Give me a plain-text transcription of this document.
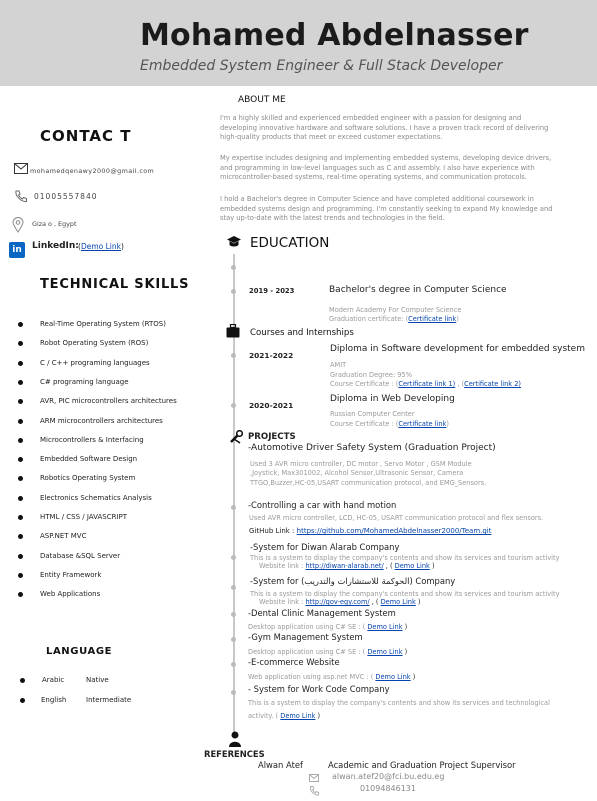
Mohamed Abdelnasser
Embedded System Engineer & Full Stack Developer
CONTAC T
mohamedqenawy2000@gmail.com
01005557840
Giza o , Egypt
in	LinkedIn: (Demo Link)
TECHNICAL SKILLS
Real-Time Operating System (RTOS)
Robot Operating System (ROS)
C / C++ programing languages
C# programing language
AVR, PIC microcontrollers architectures
ARM microcontrollers architectures
Microcontrollers & Interfacing
Embedded Software Design
Robotics Operating System
Electronics Schematics Analysis
HTML / CSS / JAVASCRIPT
ASP.NET MVC
Database &SQL Server
Entity Framework
Web Applications
LANGUAGE
Arabic	Native
English	Intermediate
ABOUT ME
I'm a highly skilled and experienced embedded engineer with a passion for designing and developing innovative hardware and software solutions. I have a proven track record of delivering high-quality products that meet or exceed customer expectations.
My expertise includes designing and implementing embedded systems, developing device drivers, and programming in low-level languages such as C and assembly. I also have experience with microcontroller-based systems, real-time operating systems, and communication protocols.
I hold a Bachelor's degree in Computer Science and have completed additional coursework in embedded systems design and programming. I'm constantly seeking to expand My knowledge and stay up-to-date with the latest trends and technologies in the field.
EDUCATION
2019 - 2023	Bachelor's degree in Computer Science
Modern Academy For Computer Science
Graduation certificate: (Certificate link)
Courses and Internships
2021-2022
Diploma in Software development for embedded system
AMIT
Graduation Degree: 95%
Course Certificate : (Certificate link 1) , (Certificate link 2)
2020-2021
Diploma in Web Developing
Russian Computer Center
Course Certificate : (Certificate link)
PROJECTS
-Automotive Driver Safety System (Graduation Project)
Used 3 AVR micro controller, DC motor , Servo Motor , GSM Module
,Joystick, Max301002, Alcohol Sensor,Ultrasonic Sensor, Camera
TTGO,Buzzer,HC-05,USART communication protocol, and EMG_Sensors.
-Controlling a car with hand motion
Used AVR micro controller, LCD, HC-05, USART communication protocol and flex sensors.
GitHub Link : https://github.com/MohamedAbdelnasser2000/Team.git
-System for Diwan Alarab Company
This is a system to display the company's contents and show its services and tourism activity
Website link : http://diwan-alarab.net/ , ( Demo Link )
-System for (الحوكمة للاستشارات والتدريب) Company
This is a system to display the company's contents and show its services and tourism activity
Website link : http://gov-egy.com/ , ( Demo Link )
-Dental Clinic Management System
Desktop application using C# SE : ( Demo Link )
-Gym Management System
Desktop application using C# SE : ( Demo Link )
-E-commerce Website
Web application using asp.net MVC : ( Demo Link )
- System for Work Code Company
This is a system to display the company's contents and show its services and technological
activity. ( Demo Link )
REFERENCES
Alwan Atef	Academic and Graduation Project Supervisor
alwan.atef20@fci.bu.edu.eg
01094846131
